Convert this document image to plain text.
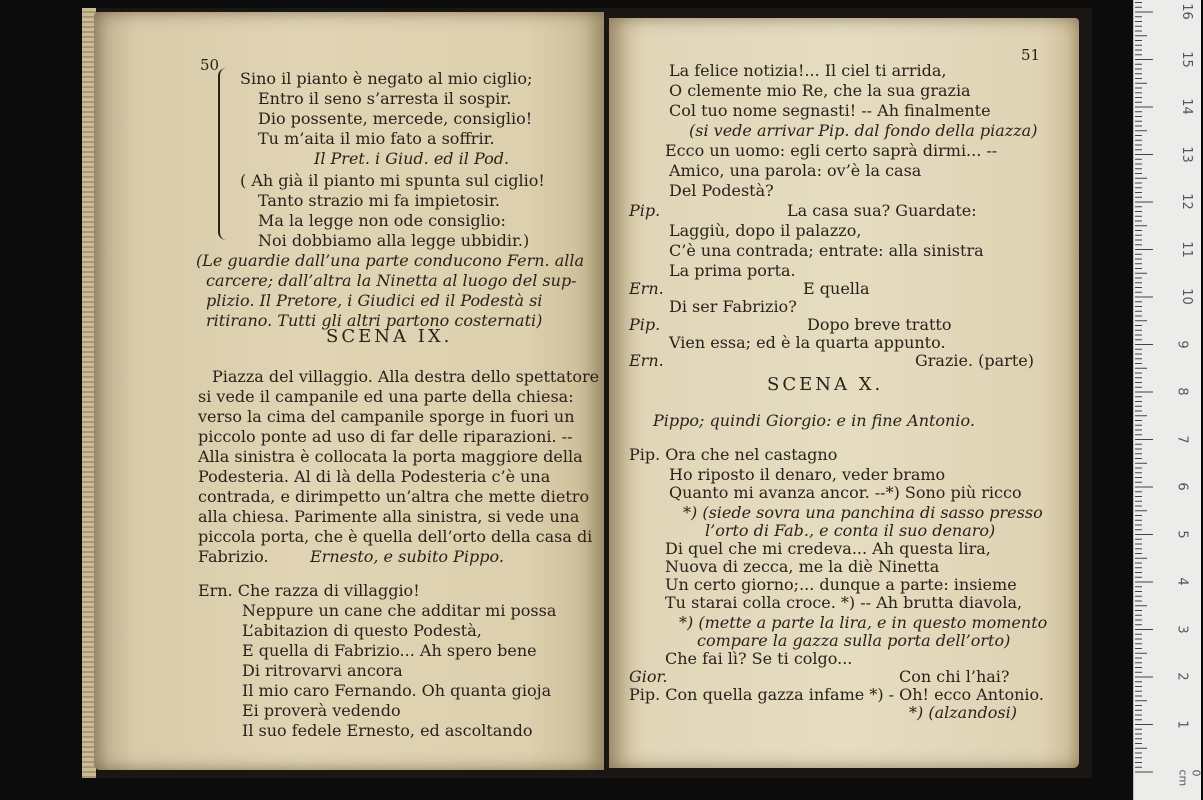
50
Sino il pianto è negato al mio ciglio;
Entro il seno s’arresta il sospir.
Dio possente, mercede, consiglio!
Tu m’aita il mio fato a soffrir.
Il Pret. i Giud. ed il Pod.
( Ah già il pianto mi spunta sul ciglio!
Tanto strazio mi fa impietosir.
Ma la legge non ode consiglio:
Noi dobbiamo alla legge ubbidir.)
(Le guardie dall’una parte conducono Fern. alla
carcere; dall’altra la Ninetta al luogo del sup-
plizio. Il Pretore, i Giudici ed il Podestà si
ritirano. Tutti gli altri partono costernati)
SCENA IX.
Piazza del villaggio. Alla destra dello spettatore
si vede il campanile ed una parte della chiesa:
verso la cima del campanile sporge in fuori un
piccolo ponte ad uso di far delle riparazioni. --
Alla sinistra è collocata la porta maggiore della
Podesteria. Al di là della Podesteria c’è una
contrada, e dirimpetto un’altra che mette dietro
alla chiesa. Parimente alla sinistra, si vede una
piccola porta, che è quella dell’orto della casa di
Fabrizio.	Ernesto, e subito Pippo.
Ern. Che razza di villaggio!
Neppure un cane che additar mi possa
L’abitazion di questo Podestà,
E quella di Fabrizio... Ah spero bene
Di ritrovarvi ancora
Il mio caro Fernando. Oh quanta gioja
Ei proverà vedendo
Il suo fedele Ernesto, ed ascoltando
51
La felice notizia!... Il ciel ti arrida,
O clemente mio Re, che la sua grazia
Col tuo nome segnasti! -- Ah finalmente
(si vede arrivar Pip. dal fondo della piazza)
Ecco un uomo: egli certo saprà dirmi... --
Amico, una parola: ov’è la casa
Del Podestà?
Pip.	La casa sua? Guardate:
Laggiù, dopo il palazzo,
C’è una contrada; entrate: alla sinistra
La prima porta.
Ern.	E quella
Di ser Fabrizio?
Pip.	Dopo breve tratto
Vien essa; ed è la quarta appunto.
Ern.	Grazie. (parte)
SCENA X.
Pippo; quindi Giorgio: e in fine Antonio.
Pip. Ora che nel castagno
Ho riposto il denaro, veder bramo
Quanto mi avanza ancor. --*) Sono più ricco
*) (siede sovra una panchina di sasso presso
l’orto di Fab., e conta il suo denaro)
Di quel che mi credeva... Ah questa lira,
Nuova di zecca, me la diè Ninetta
Un certo giorno;... dunque a parte: insieme
Tu starai colla croce. *) -- Ah brutta diavola,
*) (mette a parte la lira, e in questo momento
compare la gazza sulla porta dell’orto)
Che fai lì? Se ti colgo...
Gior.	Con chi l’hai?
Pip. Con quella gazza infame *) - Oh! ecco Antonio.
*) (alzandosi)
1
2
3
4
5
6
7
8
9
10
11
12
13
14
15
16
0 cm
